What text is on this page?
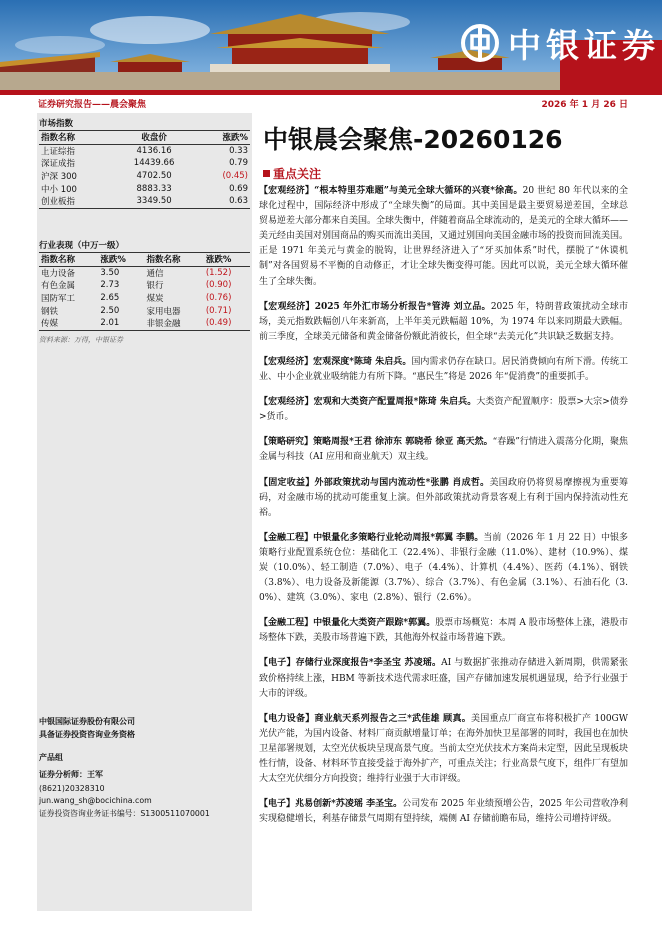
中银证券
证券研究报告——晨会聚焦	2026 年 1 月 26 日
市场指数
指数名称	收盘价	涨跌%
上证综指	4136.16	0.33
深证成指	14439.66	0.79
沪深 300	4702.50	(0.45)
中小 100	8883.33	0.69
创业板指	3349.50	0.63
行业表现（中万一级）
指数名称	涨跌%	指数名称	涨跌%
电力设备	3.50	通信	(1.52)
有色金属	2.73	银行	(0.90)
国防军工	2.65	煤炭	(0.76)
钢铁	2.50	家用电器	(0.71)
传媒	2.01	非银金融	(0.49)
资料来源：万得，中银证券
中银国际证券股份有限公司
具备证券投资咨询业务资格
产品组
证券分析师：王军
(8621)20328310
jun.wang_sh@bocichina.com
证券投资咨询业务证书编号：S1300511070001
中银晨会聚焦-20260126
重点关注

【宏观经济】“根本特里芬难题”与美元全球大循环的兴衰*徐高。20 世纪 80 年代以来的全球化过程中，国际经济中形成了“全球失衡”的局面。其中美国是最主要贸易逆差国，全球总贸易逆差大部分都来自美国。全球失衡中，伴随着商品全球流动的，是美元的全球大循环——美元经由美国对别国商品的购买而流出美国，又通过别国向美国金融市场的投资而回流美国。正是 1971 年美元与黄金的脱钩，让世界经济进入了“牙买加体系”时代，摆脱了“休谟机制”对各国贸易不平衡的自动修正，才让全球失衡变得可能。因此可以说，美元全球大循环催生了全球失衡。

【宏观经济】2025 年外汇市场分析报告*管涛 刘立品。2025 年，特朗普政策扰动全球市场，美元指数跌幅创八年来新高，上半年美元跌幅超 10%，为 1974 年以来同期最大跌幅。前三季度，全球美元储备和黄金储备份额此消彼长，但全球“去美元化”共识缺乏数据支持。

【宏观经济】宏观深度*陈琦 朱启兵。国内需求仍存在缺口。居民消费倾向有所下滑。传统工业、中小企业就业吸纳能力有所下降。“惠民生”将是 2026 年“促消费”的重要抓手。

【宏观经济】宏观和大类资产配置周报*陈琦 朱启兵。大类资产配置顺序：股票>大宗>债券>货币。

【策略研究】策略周报*王君 徐沛东 郭晓希 徐亚 高天然。“春躁”行情进入震荡分化期，聚焦金属与科技（AI 应用和商业航天）双主线。

【固定收益】外部政策扰动与国内流动性*张鹏 肖成哲。美国政府仍将贸易摩擦视为重要筹码，对金融市场的扰动可能重复上演。但外部政策扰动背景客观上有利于国内保持流动性充裕。

【金融工程】中银量化多策略行业轮动周报*郭翼 李鹏。当前（2026 年 1 月 22 日）中银多策略行业配置系统仓位：基础化工（22.4%）、非银行金融（11.0%）、建材（10.9%）、煤炭（10.0%）、轻工制造（7.0%）、电子（4.4%）、计算机（4.4%）、医药（4.1%）、钢铁（3.8%）、电力设备及新能源（3.7%）、综合（3.7%）、有色金属（3.1%）、石油石化（3.0%）、建筑（3.0%）、家电（2.8%）、银行（2.6%）。

【金融工程】中银量化大类资产跟踪*郭翼。股票市场概览：本周 A 股市场整体上涨，港股市场整体下跌，美股市场普遍下跌，其他海外权益市场普遍下跌。

【电子】存储行业深度报告*李圣宝 苏凌瑶。AI 与数据扩张推动存储进入新周期，供需紧张致价格持续上涨，HBM 等新技术迭代需求旺盛，国产存储加速发展机遇显现，给予行业强于大市的评级。

【电力设备】商业航天系列报告之三*武佳雄 顾真。美国重点厂商宣布将积极扩产 100GW 光伏产能，为国内设备、材料厂商贡献增量订单；在海外加快卫星部署的同时，我国也在加快卫星部署规划，太空光伏板块呈现高景气度。当前太空光伏技术方案尚未定型，因此呈现板块性行情，设备、材料环节直接受益于海外扩产，可重点关注；行业高景气度下，组件厂有望加大太空光伏细分方向投资；维持行业强于大市评级。

【电子】兆易创新*苏凌瑶 李圣宝。公司发布 2025 年业绩预增公告，2025 年公司营收净利实现稳健增长，利基存储景气周期有望持续，端侧 AI 存储前瞻布局，维持公司增持评级。
